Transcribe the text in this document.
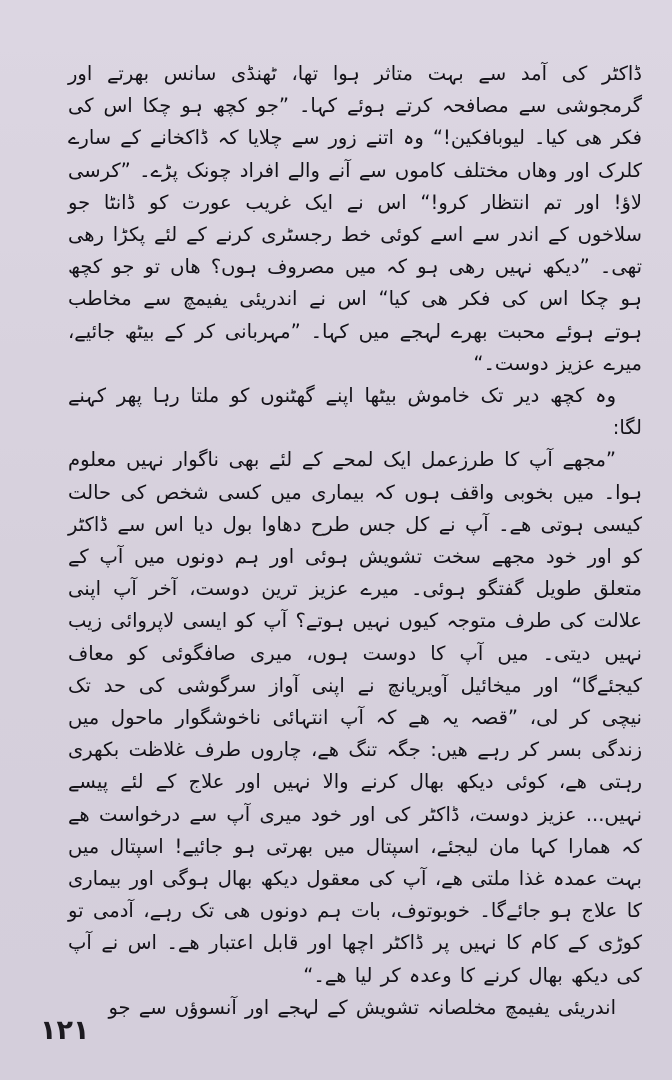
ڈاکٹر کی آمد سے بہت متاثر ہوا تھا، ٹھنڈی سانس بھرتے اور گرمجوشی سے مصافحہ کرتے ہوئے کہا۔ ”جو کچھ ہو چکا اس کی فکر ھی کیا۔ لیوبافکین!“ وہ اتنے زور سے چلایا کہ ڈاکخانے کے سارے کلرک اور وھاں مختلف کاموں سے آنے والے افراد چونک پڑے۔ ”کرسی لاؤ! اور تم انتظار کرو!“ اس نے ایک غریب عورت کو ڈانٹا جو سلاخوں کے اندر سے اسے کوئی خط رجسٹری کرنے کے لئے پکڑا رھی تھی۔ ”دیکھ نہیں رھی ہو کہ میں مصروف ہوں؟ ھاں تو جو کچھ ہو چکا اس کی فکر ھی کیا“ اس نے اندریئی یفیمچ سے مخاطب ہوتے ہوئے محبت بھرے لہجے میں کہا۔ ”مہربانی کر کے بیٹھ جائیے، میرے عزیز دوست۔“

وہ کچھ دیر تک خاموش بیٹھا اپنے گھٹنوں کو ملتا رہا پھر کہنے لگا:

”مجھے آپ کا طرزعمل ایک لمحے کے لئے بھی ناگوار نہیں معلوم ہوا۔ میں بخوبی واقف ہوں کہ بیماری میں کسی شخص کی حالت کیسی ہوتی ھے۔ آپ نے کل جس طرح دھاوا بول دیا اس سے ڈاکٹر کو اور خود مجھے سخت تشویش ہوئی اور ہم دونوں میں آپ کے متعلق طویل گفتگو ہوئی۔ میرے عزیز ترین دوست، آخر آپ اپنی علالت کی طرف متوجہ کیوں نہیں ہوتے؟ آپ کو ایسی لاپروائی زیب نہیں دیتی۔ میں آپ کا دوست ہوں، میری صافگوئی کو معاف کیجئےگا“ اور میخائیل آویریانچ نے اپنی آواز سرگوشی کی حد تک نیچی کر لی، ”قصہ یہ ھے کہ آپ انتہائی ناخوشگوار ماحول میں زندگی بسر کر رہے ھیں: جگہ تنگ ھے، چاروں طرف غلاظت بکھری رہتی ھے، کوئی دیکھ بھال کرنے والا نہیں اور علاج کے لئے پیسے نہیں... عزیز دوست، ڈاکٹر کی اور خود میری آپ سے درخواست ھے کہ ھمارا کہا مان لیجئے، اسپتال میں بھرتی ہو جائیے! اسپتال میں بہت عمدہ غذا ملتی ھے، آپ کی معقول دیکھ بھال ہوگی اور بیماری کا علاج ہو جائےگا۔ خوبوتوف، بات ہم دونوں ھی تک رہے، آدمی تو کوڑی کے کام کا نہیں پر ڈاکٹر اچھا اور قابل اعتبار ھے۔ اس نے آپ کی دیکھ بھال کرنے کا وعدہ کر لیا ھے۔“

اندریئی یفیمچ مخلصانہ تشویش کے لہجے اور آنسوؤں سے جو

۱۲۱
